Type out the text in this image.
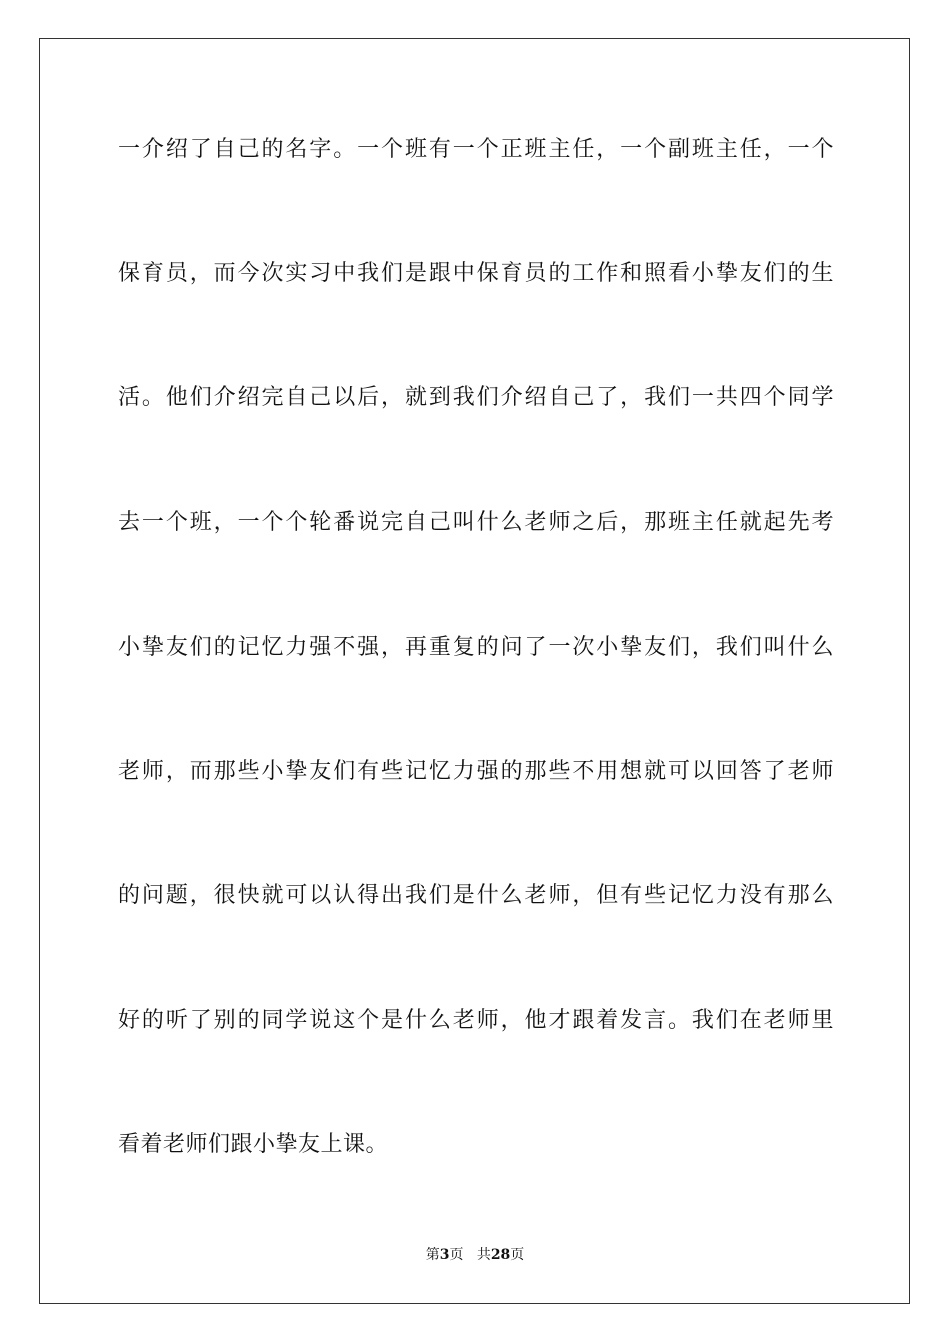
一介绍了自己的名字。一个班有一个正班主任，一个副班主任，一个
保育员，而今次实习中我们是跟中保育员的工作和照看小挚友们的生
活。他们介绍完自己以后，就到我们介绍自己了，我们一共四个同学
去一个班，一个个轮番说完自己叫什么老师之后，那班主任就起先考
小挚友们的记忆力强不强，再重复的问了一次小挚友们，我们叫什么
老师，而那些小挚友们有些记忆力强的那些不用想就可以回答了老师
的问题，很快就可以认得出我们是什么老师，但有些记忆力没有那么
好的听了别的同学说这个是什么老师，他才跟着发言。我们在老师里
看着老师们跟小挚友上课。
第3页 共28页
